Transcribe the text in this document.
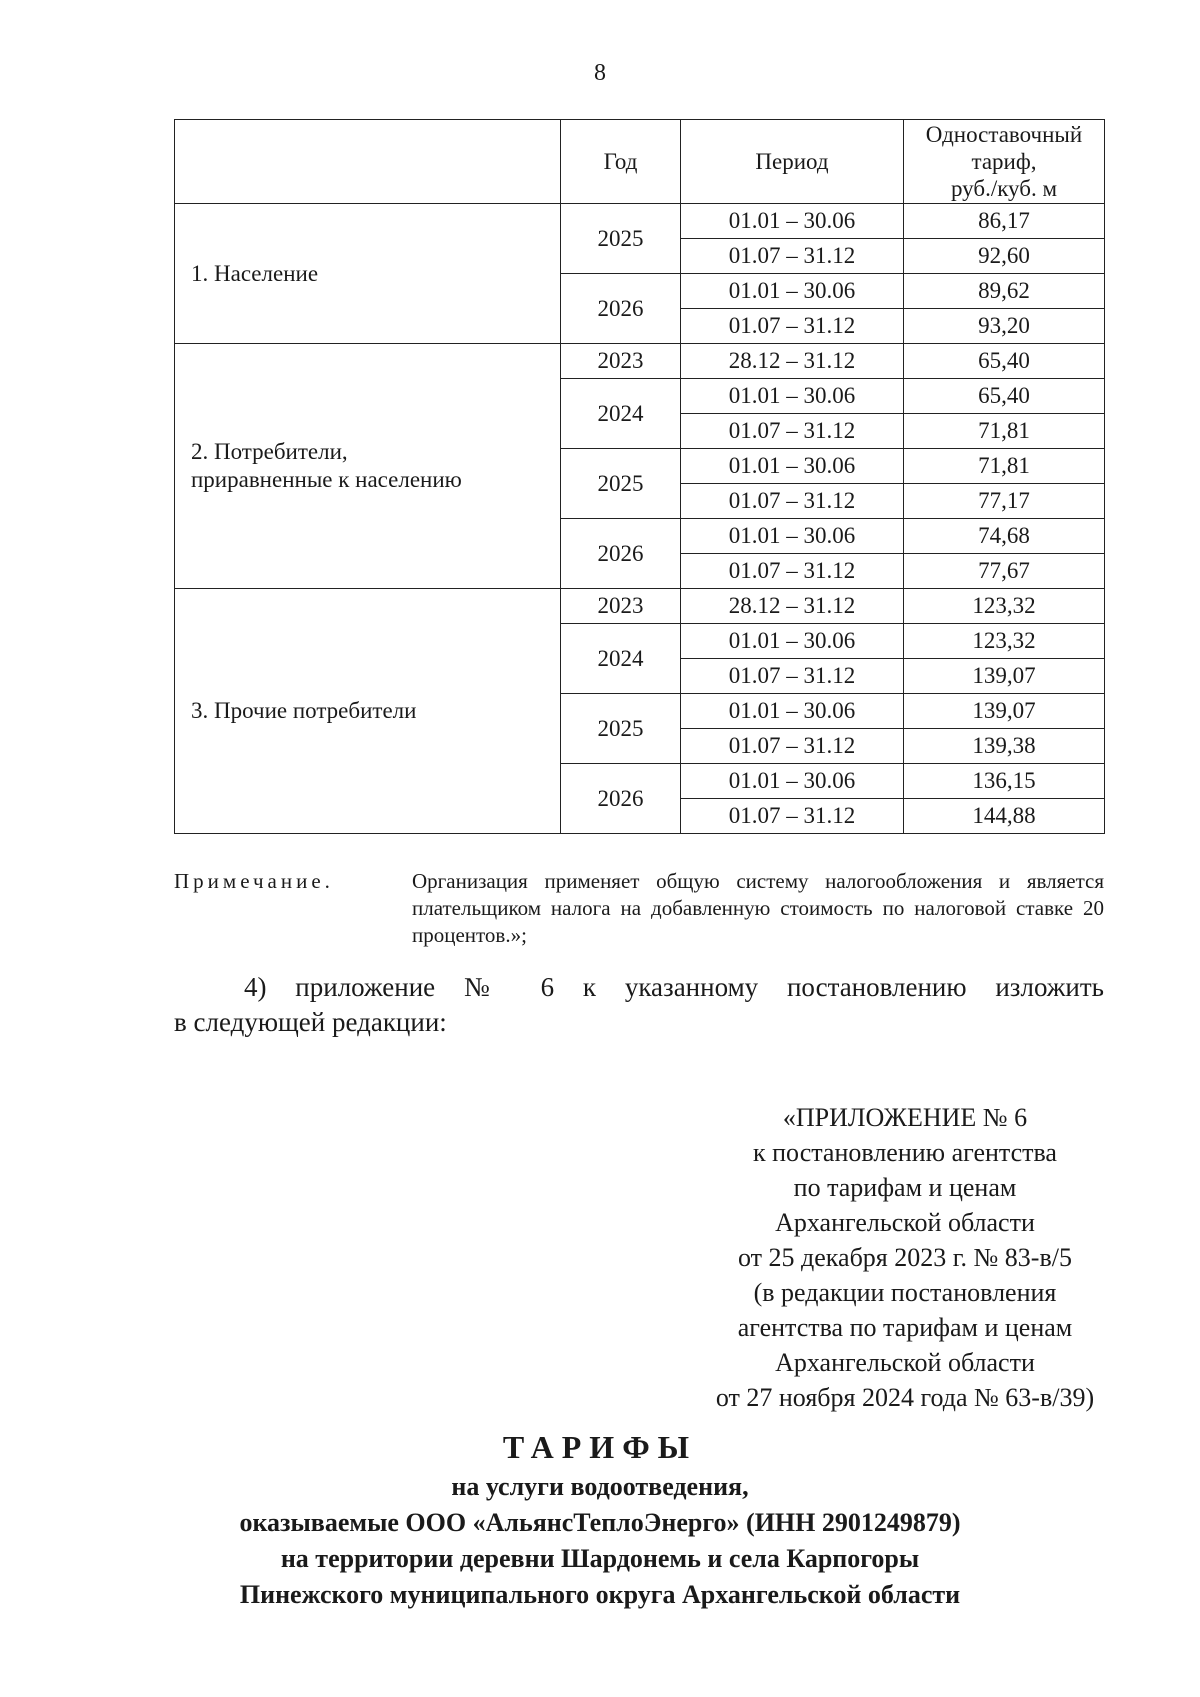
8
	Год	Период	Одноставочный
тариф,
руб./куб. м

1. Население	2025	01.01 – 30.06	86,17
		01.07 – 31.12	92,60
	2026	01.01 – 30.06	89,62
		01.07 – 31.12	93,20

2. Потребители,
приравненные к населению	2023	28.12 – 31.12	65,40
	2024	01.01 – 30.06	65,40
		01.07 – 31.12	71,81
	2025	01.01 – 30.06	71,81
		01.07 – 31.12	77,17
	2026	01.01 – 30.06	74,68
		01.07 – 31.12	77,67

3. Прочие потребители	2023	28.12 – 31.12	123,32
	2024	01.01 – 30.06	123,32
		01.07 – 31.12	139,07
	2025	01.01 – 30.06	139,07
		01.07 – 31.12	139,38
	2026	01.01 – 30.06	136,15
		01.07 – 31.12	144,88
Примечание.	Организация применяет общую систему налогообложения и является плательщиком налога на добавленную стоимость по налоговой ставке 20 процентов.»;
4) приложение № 6 к указанному постановлению изложить
в следующей редакции:
«ПРИЛОЖЕНИЕ № 6
к постановлению агентства
по тарифам и ценам
Архангельской области
от 25 декабря 2023 г. № 83-в/5
(в редакции постановления
агентства по тарифам и ценам
Архангельской области
от 27 ноября 2024 года № 63-в/39)
ТАРИФЫ
на услуги водоотведения,
оказываемые ООО «АльянсТеплоЭнерго» (ИНН 2901249879)
на территории деревни Шардонемь и села Карпогоры
Пинежского муниципального округа Архангельской области
